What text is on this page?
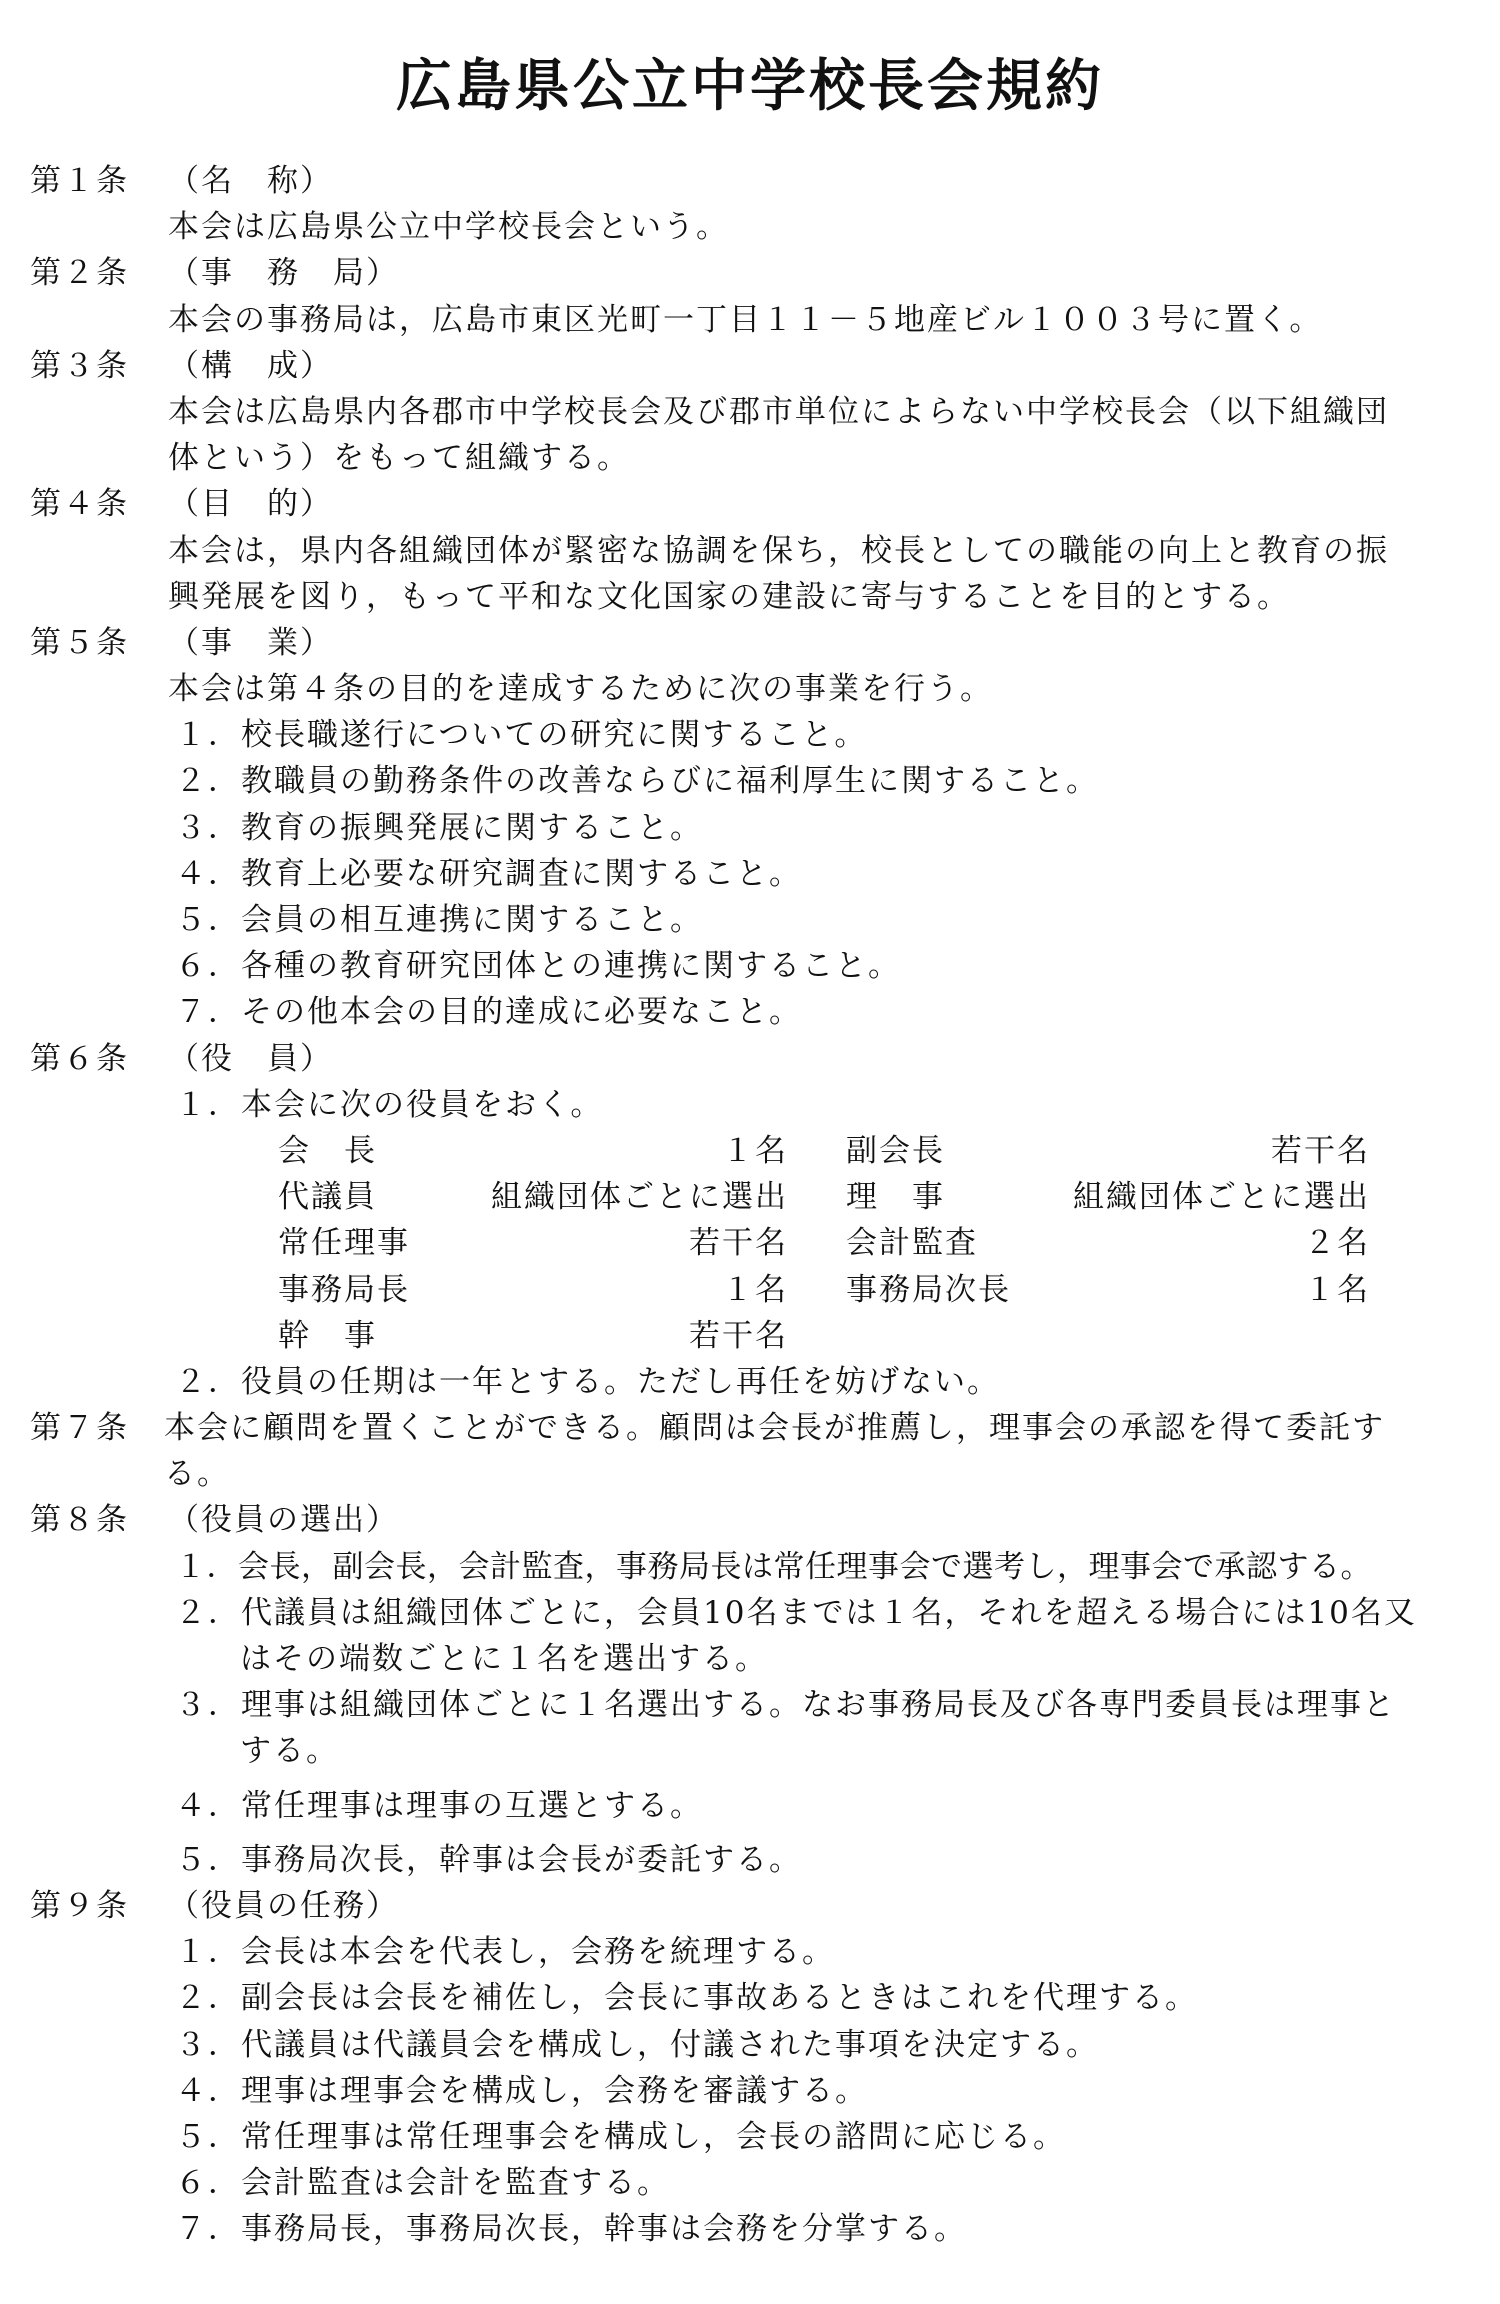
広島県公立中学校長会規約
第１条 （名　称）
本会は広島県公立中学校長会という。
第２条 （事　務　局）
本会の事務局は，広島市東区光町一丁目１１－５地産ビル１００３号に置く。
第３条 （構　成）
本会は広島県内各郡市中学校長会及び郡市単位によらない中学校長会（以下組織団
体という）をもって組織する。
第４条 （目　的）
本会は，県内各組織団体が緊密な協調を保ち，校長としての職能の向上と教育の振
興発展を図り，もって平和な文化国家の建設に寄与することを目的とする。
第５条 （事　業）
本会は第４条の目的を達成するために次の事業を行う。
１．校長職遂行についての研究に関すること。
２．教職員の勤務条件の改善ならびに福利厚生に関すること。
３．教育の振興発展に関すること。
４．教育上必要な研究調査に関すること。
５．会員の相互連携に関すること。
６．各種の教育研究団体との連携に関すること。
７．その他本会の目的達成に必要なこと。
第６条 （役　員）
１．本会に次の役員をおく。
会　長	１名 副会長	若干名
代議員	組織団体ごとに選出 理　事	組織団体ごとに選出
常任理事	若干名 会計監査	２名
事務局長	１名 事務局次長	１名
幹　事	若干名
２．役員の任期は一年とする。ただし再任を妨げない。
第７条 本会に顧問を置くことができる。顧問は会長が推薦し，理事会の承認を得て委託す
る。
第８条 （役員の選出）
１．会長，副会長，会計監査，事務局長は常任理事会で選考し，理事会で承認する。
２．代議員は組織団体ごとに，会員10名までは１名，それを超える場合には10名又
はその端数ごとに１名を選出する。
３．理事は組織団体ごとに１名選出する。なお事務局長及び各専門委員長は理事と
する。
４．常任理事は理事の互選とする。
５．事務局次長，幹事は会長が委託する。
第９条 （役員の任務）
１．会長は本会を代表し，会務を統理する。
２．副会長は会長を補佐し，会長に事故あるときはこれを代理する。
３．代議員は代議員会を構成し，付議された事項を決定する。
４．理事は理事会を構成し，会務を審議する。
５．常任理事は常任理事会を構成し，会長の諮問に応じる。
６．会計監査は会計を監査する。
７．事務局長，事務局次長，幹事は会務を分掌する。
